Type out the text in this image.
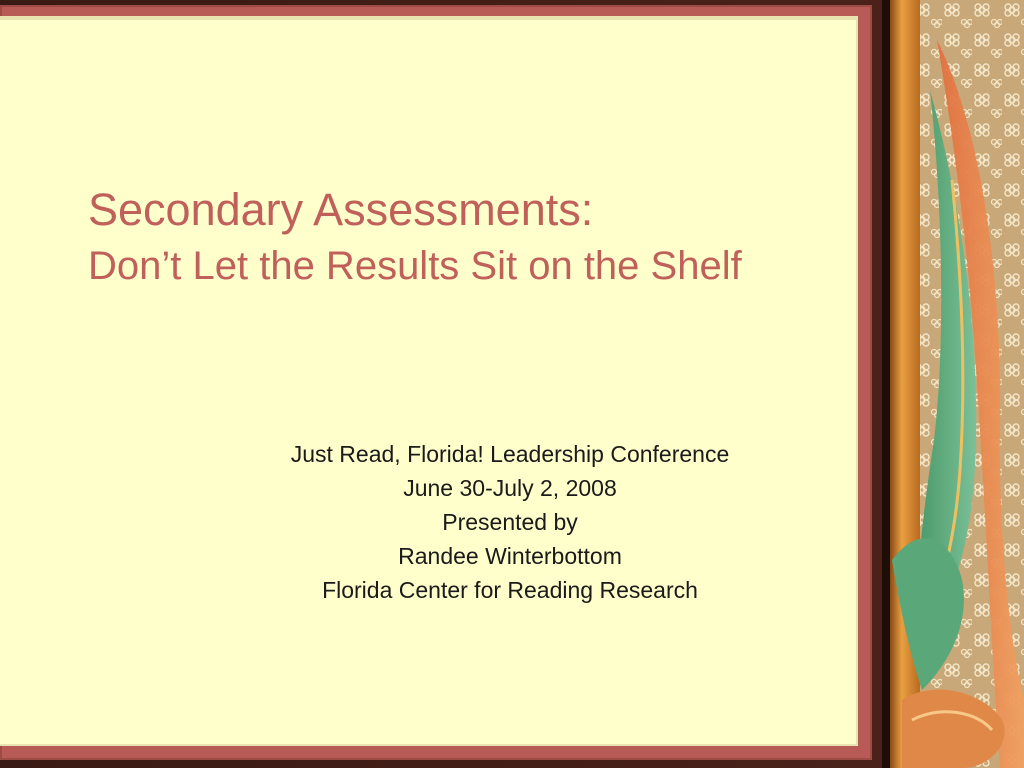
Secondary Assessments:
Don’t Let the Results Sit on the Shelf
Just Read, Florida! Leadership Conference
June 30-July 2, 2008
Presented by
Randee Winterbottom
Florida Center for Reading Research
